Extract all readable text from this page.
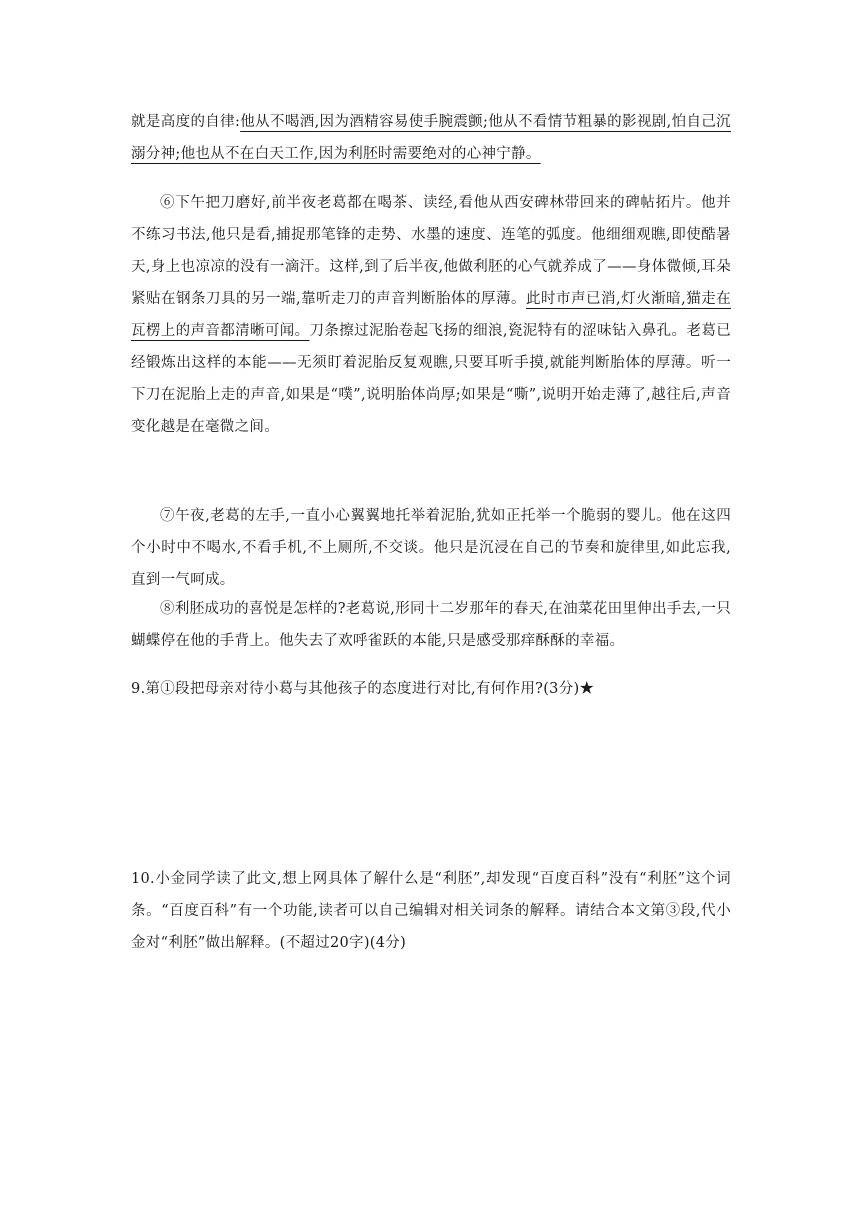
就是高度的自律:他从不喝酒,因为酒精容易使手腕震颤;他从不看情节粗暴的影视剧,怕自己沉溺分神;他也从不在白天工作,因为利胚时需要绝对的心神宁静。

⑥下午把刀磨好,前半夜老葛都在喝茶、读经,看他从西安碑林带回来的碑帖拓片。他并不练习书法,他只是看,捕捉那笔锋的走势、水墨的速度、连笔的弧度。他细细观瞧,即使酷暑天,身上也凉凉的没有一滴汗。这样,到了后半夜,他做利胚的心气就养成了——身体微倾,耳朵紧贴在钢条刀具的另一端,靠听走刀的声音判断胎体的厚薄。此时市声已消,灯火渐暗,猫走在瓦楞上的声音都清晰可闻。刀条擦过泥胎卷起飞扬的细浪,瓷泥特有的涩味钻入鼻孔。老葛已经锻炼出这样的本能——无须盯着泥胎反复观瞧,只要耳听手摸,就能判断胎体的厚薄。听一下刀在泥胎上走的声音,如果是“噗”,说明胎体尚厚;如果是“嘶”,说明开始走薄了,越往后,声音变化越是在毫微之间。

⑦午夜,老葛的左手,一直小心翼翼地托举着泥胎,犹如正托举一个脆弱的婴儿。他在这四个小时中不喝水,不看手机,不上厕所,不交谈。他只是沉浸在自己的节奏和旋律里,如此忘我,直到一气呵成。

⑧利胚成功的喜悦是怎样的?老葛说,形同十二岁那年的春天,在油菜花田里伸出手去,一只蝴蝶停在他的手背上。他失去了欢呼雀跃的本能,只是感受那痒酥酥的幸福。

9.第①段把母亲对待小葛与其他孩子的态度进行对比,有何作用?(3分)★

10.小金同学读了此文,想上网具体了解什么是“利胚”,却发现“百度百科”没有“利胚”这个词条。“百度百科”有一个功能,读者可以自己编辑对相关词条的解释。请结合本文第③段,代小金对“利胚”做出解释。(不超过20字)(4分)
